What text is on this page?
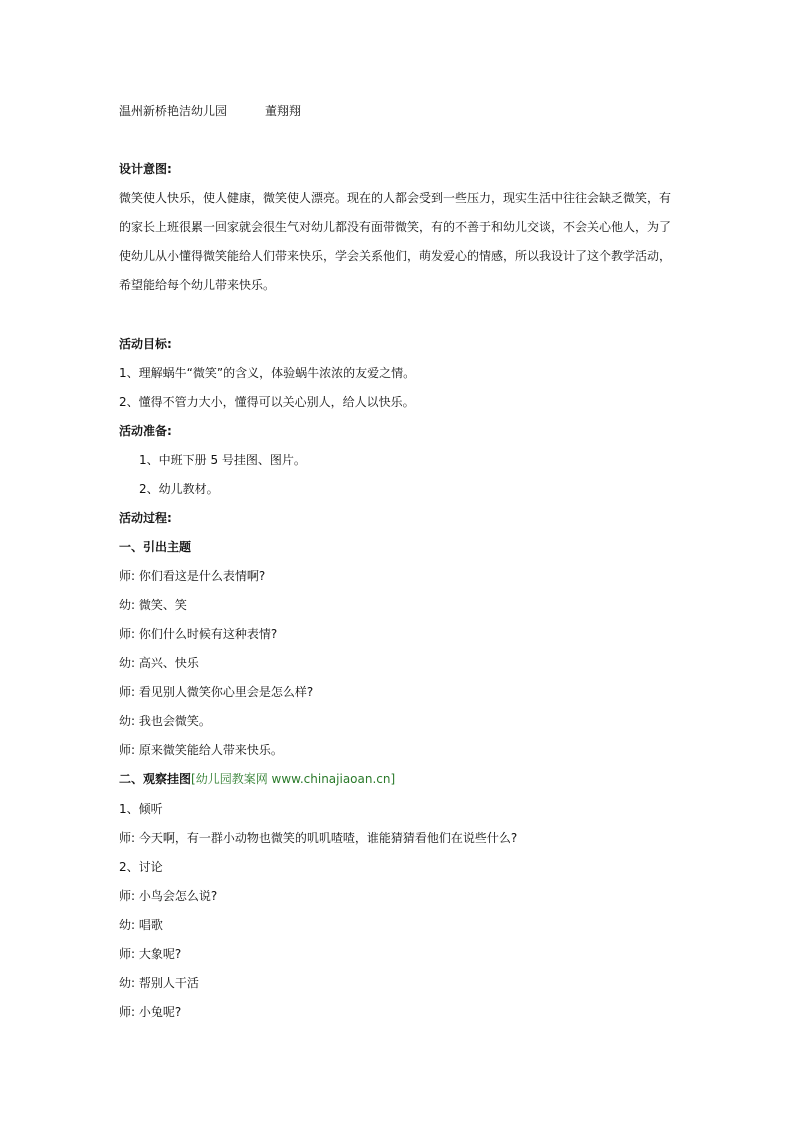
温州新桥艳洁幼儿园	董翔翔
设计意图:
微笑使人快乐，使人健康，微笑使人漂亮。现在的人都会受到一些压力，现实生活中往往会缺乏微笑，有
的家长上班很累一回家就会很生气对幼儿都没有面带微笑，有的不善于和幼儿交谈，不会关心他人，为了
使幼儿从小懂得微笑能给人们带来快乐，学会关系他们，萌发爱心的情感，所以我设计了这个教学活动，
希望能给每个幼儿带来快乐。
活动目标:
1、理解蜗牛“微笑”的含义，体验蜗牛浓浓的友爱之情。
2、懂得不管力大小，懂得可以关心别人，给人以快乐。
活动准备:
1、中班下册 5 号挂图、图片。
2、幼儿教材。
活动过程:
一、引出主题
师: 你们看这是什么表情啊?
幼: 微笑、笑
师: 你们什么时候有这种表情?
幼: 高兴、快乐
师: 看见别人微笑你心里会是怎么样?
幼: 我也会微笑。
师: 原来微笑能给人带来快乐。
二、观察挂图[幼儿园教案网 www.chinajiaoan.cn]
1、倾听
师: 今天啊，有一群小动物也微笑的叽叽喳喳，谁能猜猜看他们在说些什么?
2、讨论
师: 小鸟会怎么说?
幼: 唱歌
师: 大象呢?
幼: 帮别人干活
师: 小兔呢?
